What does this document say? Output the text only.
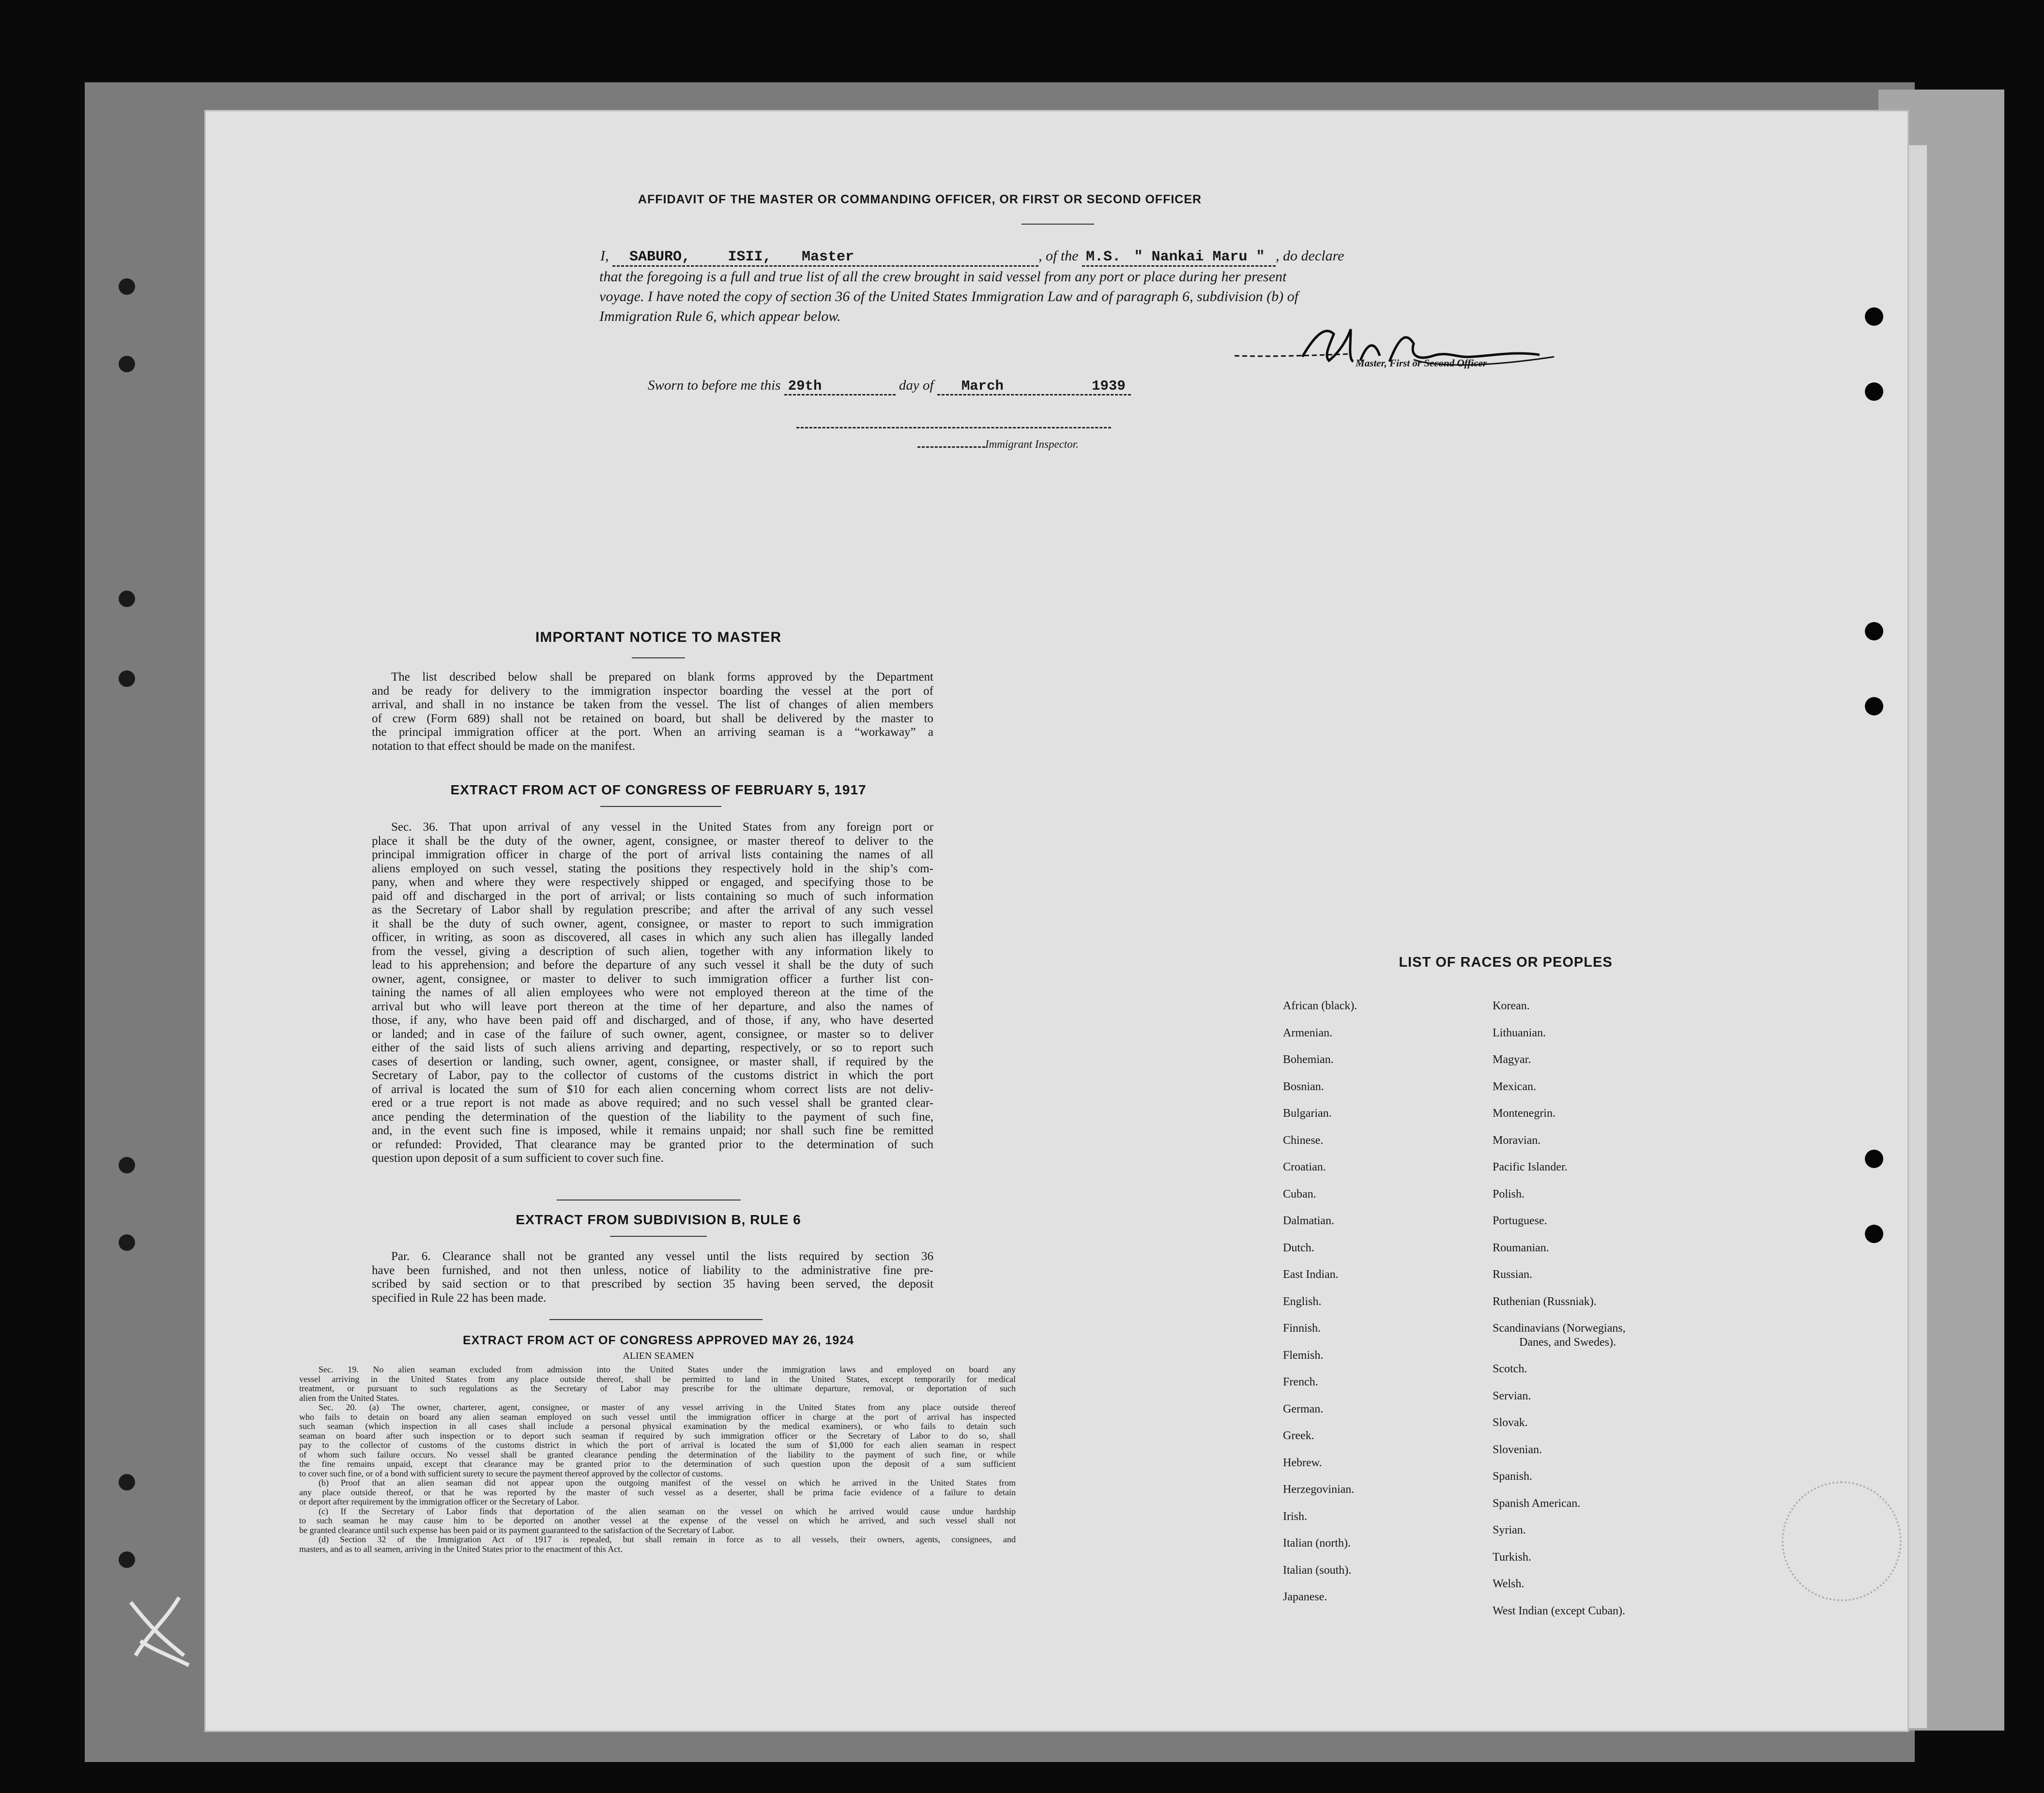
AFFIDAVIT OF THE MASTER OR COMMANDING OFFICER, OR FIRST OR SECOND OFFICER
I, SABURO,	ISII, Master	, of the M.S. " Nankai Maru " , do declare
that the foregoing is a full and true list of all the crew brought in said vessel from any port or place during her present
voyage. I have noted the copy of section 36 of the United States Immigration Law and of paragraph 6, subdivision (b) of
Immigration Rule 6, which appear below.
Master, First or Second Officer
Sworn to before me this 29th	day of March	1939
Immigrant Inspector.
IMPORTANT NOTICE TO MASTER
The list described below shall be prepared on blank forms approved by the Department
and be ready for delivery to the immigration inspector boarding the vessel at the port of
arrival, and shall in no instance be taken from the vessel. The list of changes of alien members
of crew (Form 689) shall not be retained on board, but shall be delivered by the master to
the principal immigration officer at the port. When an arriving seaman is a “workaway” a
notation to that effect should be made on the manifest.
EXTRACT FROM ACT OF CONGRESS OF FEBRUARY 5, 1917
Sec. 36. That upon arrival of any vessel in the United States from any foreign port or
place it shall be the duty of the owner, agent, consignee, or master thereof to deliver to the
principal immigration officer in charge of the port of arrival lists containing the names of all
aliens employed on such vessel, stating the positions they respectively hold in the ship’s com-
pany, when and where they were respectively shipped or engaged, and specifying those to be
paid off and discharged in the port of arrival; or lists containing so much of such information
as the Secretary of Labor shall by regulation prescribe; and after the arrival of any such vessel
it shall be the duty of such owner, agent, consignee, or master to report to such immigration
officer, in writing, as soon as discovered, all cases in which any such alien has illegally landed
from the vessel, giving a description of such alien, together with any information likely to
lead to his apprehension; and before the departure of any such vessel it shall be the duty of such
owner, agent, consignee, or master to deliver to such immigration officer a further list con-
taining the names of all alien employees who were not employed thereon at the time of the
arrival but who will leave port thereon at the time of her departure, and also the names of
those, if any, who have been paid off and discharged, and of those, if any, who have deserted
or landed; and in case of the failure of such owner, agent, consignee, or master so to deliver
either of the said lists of such aliens arriving and departing, respectively, or so to report such
cases of desertion or landing, such owner, agent, consignee, or master shall, if required by the
Secretary of Labor, pay to the collector of customs of the customs district in which the port
of arrival is located the sum of $10 for each alien concerning whom correct lists are not deliv-
ered or a true report is not made as above required; and no such vessel shall be granted clear-
ance pending the determination of the question of the liability to the payment of such fine,
and, in the event such fine is imposed, while it remains unpaid; nor shall such fine be remitted
or refunded: Provided, That clearance may be granted prior to the determination of such
question upon deposit of a sum sufficient to cover such fine.
EXTRACT FROM SUBDIVISION B, RULE 6
Par. 6. Clearance shall not be granted any vessel until the lists required by section 36
have been furnished, and not then unless, notice of liability to the administrative fine pre-
scribed by said section or to that prescribed by section 35 having been served, the deposit
specified in Rule 22 has been made.
EXTRACT FROM ACT OF CONGRESS APPROVED MAY 26, 1924
ALIEN SEAMEN
Sec. 19. No alien seaman excluded from admission into the United States under the immigration laws and employed on board any
vessel arriving in the United States from any place outside thereof, shall be permitted to land in the United States, except temporarily for medical
treatment, or pursuant to such regulations as the Secretary of Labor may prescribe for the ultimate departure, removal, or deportation of such
alien from the United States.
Sec. 20. (a) The owner, charterer, agent, consignee, or master of any vessel arriving in the United States from any place outside thereof
who fails to detain on board any alien seaman employed on such vessel until the immigration officer in charge at the port of arrival has inspected
such seaman (which inspection in all cases shall include a personal physical examination by the medical examiners), or who fails to detain such
seaman on board after such inspection or to deport such seaman if required by such immigration officer or the Secretary of Labor to do so, shall
pay to the collector of customs of the customs district in which the port of arrival is located the sum of $1,000 for each alien seaman in respect
of whom such failure occurs. No vessel shall be granted clearance pending the determination of the liability to the payment of such fine, or while
the fine remains unpaid, except that clearance may be granted prior to the determination of such question upon the deposit of a sum sufficient
to cover such fine, or of a bond with sufficient surety to secure the payment thereof approved by the collector of customs.
(b) Proof that an alien seaman did not appear upon the outgoing manifest of the vessel on which he arrived in the United States from
any place outside thereof, or that he was reported by the master of such vessel as a deserter, shall be prima facie evidence of a failure to detain
or deport after requirement by the immigration officer or the Secretary of Labor.
(c) If the Secretary of Labor finds that deportation of the alien seaman on the vessel on which he arrived would cause undue hardship
to such seaman he may cause him to be deported on another vessel at the expense of the vessel on which he arrived, and such vessel shall not
be granted clearance until such expense has been paid or its payment guaranteed to the satisfaction of the Secretary of Labor.
(d) Section 32 of the Immigration Act of 1917 is repealed, but shall remain in force as to all vessels, their owners, agents, consignees, and
masters, and as to all seamen, arriving in the United States prior to the enactment of this Act.
LIST OF RACES OR PEOPLES
African (black).
Armenian.
Bohemian.
Bosnian.
Bulgarian.
Chinese.
Croatian.
Cuban.
Dalmatian.
Dutch.
East Indian.
English.
Finnish.
Flemish.
French.
German.
Greek.
Hebrew.
Herzegovinian.
Irish.
Italian (north).
Italian (south).
Japanese.
Korean.
Lithuanian.
Magyar.
Mexican.
Montenegrin.
Moravian.
Pacific Islander.
Polish.
Portuguese.
Roumanian.
Russian.
Ruthenian (Russniak).
Scandinavians (Norwegians,
Danes, and Swedes).
Scotch.
Servian.
Slovak.
Slovenian.
Spanish.
Spanish American.
Syrian.
Turkish.
Welsh.
West Indian (except Cuban).
